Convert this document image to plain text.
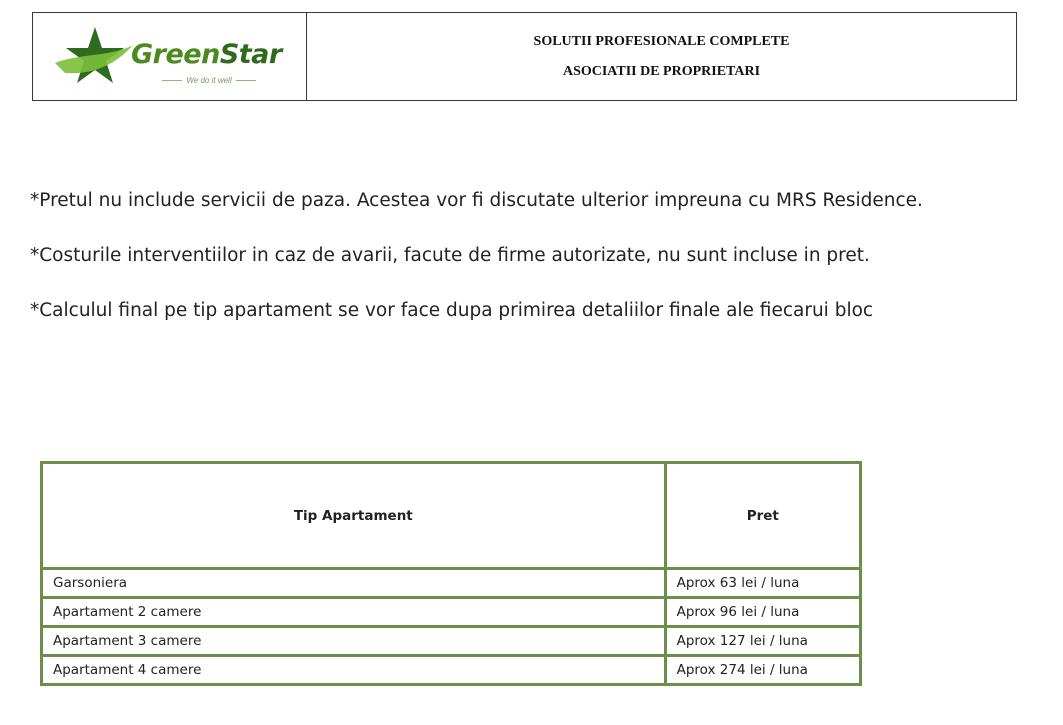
GreenStar
We do it well
SOLUTII PROFESIONALE COMPLETE
ASOCIATII DE PROPRIETARI
*Pretul nu include servicii de paza. Acestea vor fi discutate ulterior impreuna cu MRS Residence.
*Costurile interventiilor in caz de avarii, facute de firme autorizate, nu sunt incluse in pret.
*Calculul final pe tip apartament se vor face dupa primirea detaliilor finale ale fiecarui bloc
Tip Apartament	Pret
Garsoniera	Aprox 63 lei / luna
Apartament 2 camere	Aprox 96 lei / luna
Apartament 3 camere	Aprox 127 lei / luna
Apartament 4 camere	Aprox 274 lei / luna
